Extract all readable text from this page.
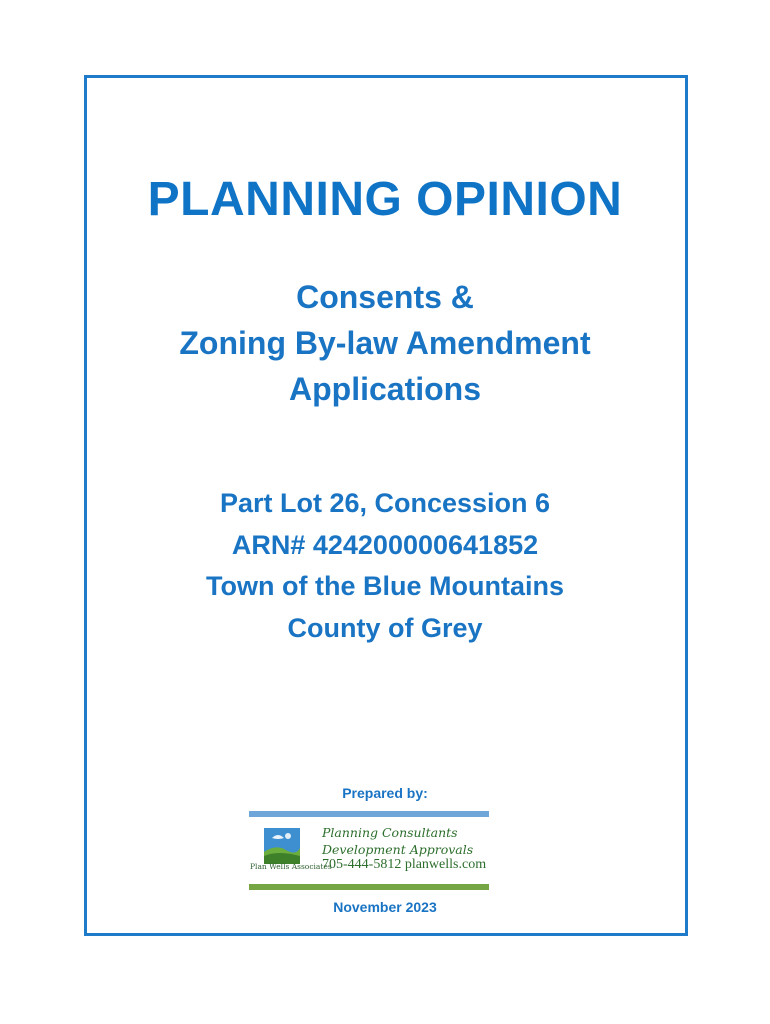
PLANNING OPINION
Consents &
Zoning By-law Amendment
Applications
Part Lot 26, Concession 6
ARN# 424200000641852
Town of the Blue Mountains
County of Grey
Prepared by:
Plan Wells Associates
Planning Consultants
Development Approvals
705-444-5812 planwells.com
November 2023
